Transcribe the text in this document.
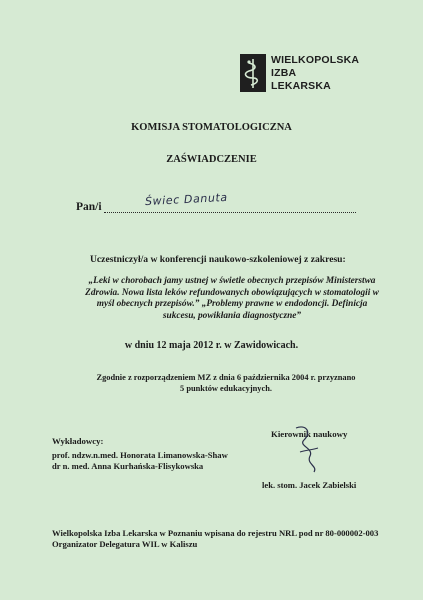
WIELKOPOLSKA
IZBA
LEKARSKA
KOMISJA STOMATOLOGICZNA
ZAŚWIADCZENIE
Pan/i	Świec Danuta
Uczestniczył/a w konferencji naukowo-szkoleniowej z zakresu:
„Leki w chorobach jamy ustnej w świetle obecnych przepisów Ministerstwa Zdrowia. Nowa lista leków refundowanych obowiązujących w stomatologii w myśl obecnych przepisów.” „Problemy prawne w endodoncji. Definicja sukcesu, powikłania diagnostyczne”
w dniu 12 maja 2012 r. w Zawidowicach.
Zgodnie z rozporządzeniem MZ z dnia 6 października 2004 r. przyznano 5 punktów edukacyjnych.
Wykładowcy:
prof. ndzw.n.med. Honorata Limanowska-Shaw
dr n. med. Anna Kurhańska-Flisykowska
Kierownik naukowy
lek. stom. Jacek Zabielski
Wielkopolska Izba Lekarska w Poznaniu wpisana do rejestru NRL pod nr 80-000002-003
Organizator Delegatura WIL w Kaliszu
